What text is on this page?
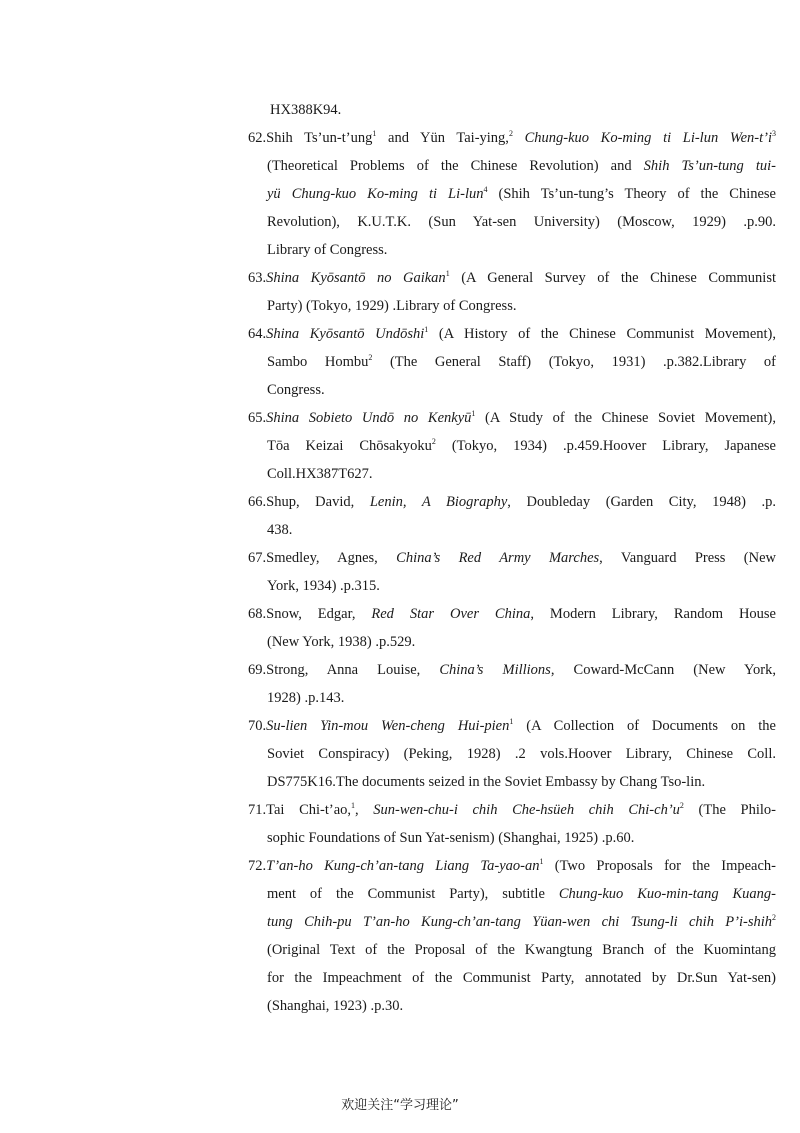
HX388K94.
62.Shih Ts’un-t’ung$^1$ and Yün Tai-ying,$^2$ Chung-kuo Ko-ming ti Li-lun Wen-$t’i^3$
(Theoretical Problems of the Chinese Revolution) and Shih Ts’un-tung tui-
yü Chung-kuo Ko-ming ti Li-lun$^4$ (Shih Ts’un-tung’s Theory of the Chinese
Revolution), K.U.T.K. (Sun Yat-sen University) (Moscow, 1929) .p.90.
Library of Congress.
63.Shina Kyōsantō no Gaikan$^1$ (A General Survey of the Chinese Communist
Party) (Tokyo, 1929) .Library of Congress.
64.Shina Kyōsantō Undōshi$^1$ (A History of the Chinese Communist Movement),
Sambo Hombu$^2$ (The General Staff) (Tokyo, 1931) .p.382.Library of
Congress.
65.Shina Sobieto Undō no Kenkyū$^1$ (A Study of the Chinese Soviet Movement),
Tōa Keizai Chōsakyoku$^2$ (Tokyo, 1934) .p.459.Hoover Library, Japanese
Coll.HX387T627.
66.Shup, David, Lenin, A Biography, Doubleday (Garden City, 1948) .p.
438.
67.Smedley, Agnes, China’s Red Army Marches, Vanguard Press (New
York, 1934) .p.315.
68.Snow, Edgar, Red Star Over China, Modern Library, Random House
(New York, 1938) .p.529.
69.Strong, Anna Louise, China’s Millions, Coward-McCann (New York,
1928) .p.143.
70.Su-lien Yin-mou Wen-cheng Hui-pien$^1$ (A Collection of Documents on the
Soviet Conspiracy) (Peking, 1928) .2 vols.Hoover Library, Chinese Coll.
DS775K16.The documents seized in the Soviet Embassy by Chang Tso-lin.
71.Tai Chi-t’ao,$^1$, Sun-wen-chu-i chih Che-hsüeh chih Chi-$ch’u^2$ (The Philo-
sophic Foundations of Sun Yat-senism) (Shanghai, 1925) .p.60.
72.T’an-ho Kung-ch’an-tang Liang $Ta-yao-an^1$ (Two Proposals for the Impeach-
ment of the Communist Party), subtitle Chung-kuo Kuo-min-tang Kuang-
tung Chih-pu T’an-ho Kung-ch’an-tang Yüan-wen chi Tsung-li chih P’i-shih$^2$
(Original Text of the Proposal of the Kwangtung Branch of the Kuomintang
for the Impeachment of the Communist Party, annotated by Dr.Sun Yat-sen)
(Shanghai, 1923) .p.30.
欢迎关注“学习理论”
